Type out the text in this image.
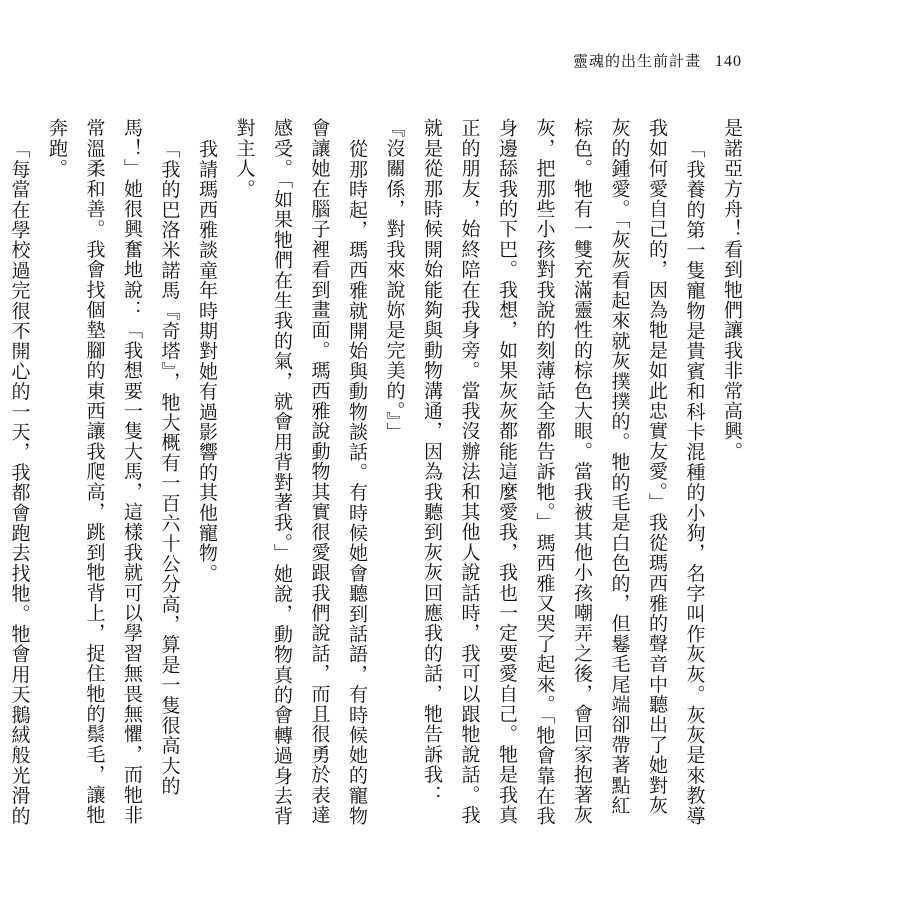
靈魂的出生前計畫 140

是諾亞方舟！看到牠們讓我非常高興。

「我養的第一隻寵物是貴賓和科卡混種的小狗，名字叫作灰灰。灰灰是來教導我如何愛自己的，因為牠是如此忠實友愛。」我從瑪西雅的聲音中聽出了她對灰灰的鍾愛。「灰灰看起來就灰撲撲的。牠的毛是白色的，但鬈毛尾端卻帶著點紅棕色。牠有一雙充滿靈性的棕色大眼。當我被其他小孩嘲弄之後，會回家抱著灰灰，把那些小孩對我說的刻薄話全都告訴牠。」瑪西雅又哭了起來。「牠會靠在我身邊舔我的下巴。我想，如果灰灰都能這麼愛我，我也一定要愛自己。牠是我真正的朋友，始終陪在我身旁。當我沒辦法和其他人說話時，我可以跟牠說話。我就是從那時候開始能夠與動物溝通，因為我聽到灰灰回應我的話，牠告訴我：『沒關係，對我來說妳是完美的。』」

從那時起，瑪西雅就開始與動物談話。有時候她會聽到話語，有時候她的寵物會讓她在腦子裡看到畫面。瑪西雅說動物其實很愛跟我們說話，而且很勇於表達感受。「如果牠們在生我的氣，就會用背對著我。」她說，動物真的會轉過身去背對主人。

我請瑪西雅談童年時期對她有過影響的其他寵物。

「我的巴洛米諾馬『奇塔』，牠大概有一百六十公分高，算是一隻很高大的馬！」她很興奮地說：「我想要一隻大馬，這樣我就可以學習無畏無懼，而牠非常溫柔和善。我會找個墊腳的東西讓我爬高，跳到牠背上，捉住牠的鬃毛，讓牠奔跑。

「每當在學校過完很不開心的一天，我都會跑去找牠。牠會用天鵝絨般光滑的
